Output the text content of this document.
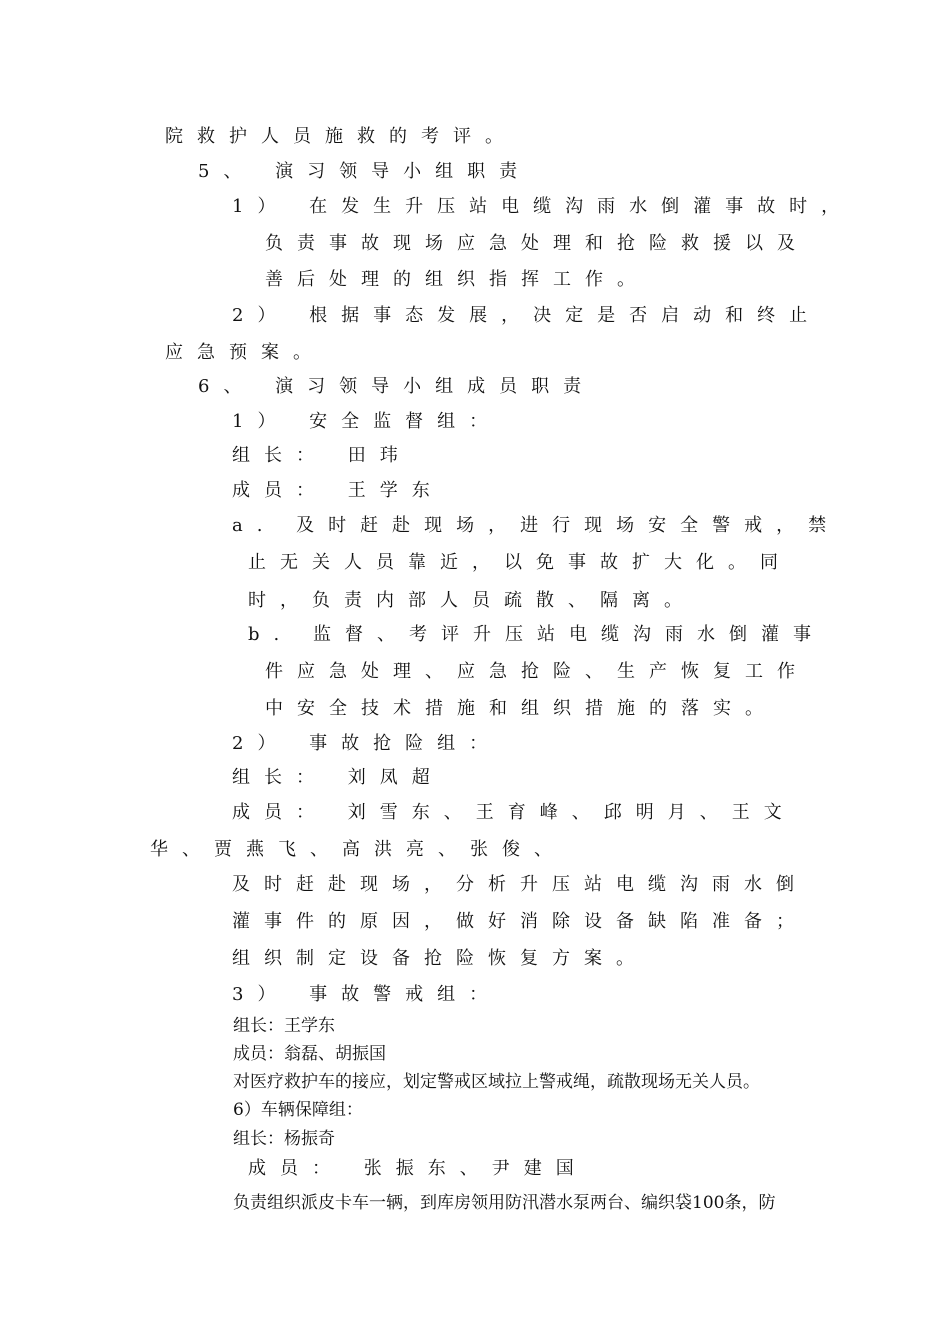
院救护人员施救的考评。
5、 演习领导小组职责
1） 在发生升压站电缆沟雨水倒灌事故时，
负责事故现场应急处理和抢险救援以及
善后处理的组织指挥工作。
2） 根据事态发展，决定是否启动和终止
应急预案。
6、 演习领导小组成员职责
1） 安全监督组：
组长： 田玮
成员： 王学东
a. 及时赶赴现场，进行现场安全警戒，禁
止无关人员靠近，以免事故扩大化。同
时，负责内部人员疏散、隔离。
b. 监督、考评升压站电缆沟雨水倒灌事
件应急处理、应急抢险、生产恢复工作
中安全技术措施和组织措施的落实。
2） 事故抢险组：
组长： 刘凤超
成员： 刘雪东、王育峰、邱明月、王文
华、贾燕飞、高洪亮、张俊、
及时赶赴现场，分析升压站电缆沟雨水倒
灌事件的原因，做好消除设备缺陷准备；
组织制定设备抢险恢复方案。
3） 事故警戒组：
组长：王学东
成员：翁磊、胡振国
对医疗救护车的接应，划定警戒区域拉上警戒绳，疏散现场无关人员。
6）车辆保障组：
组长：杨振奇
成员： 张振东、尹建国
负责组织派皮卡车一辆，到库房领用防汛潜水泵两台、编织袋100条，防
